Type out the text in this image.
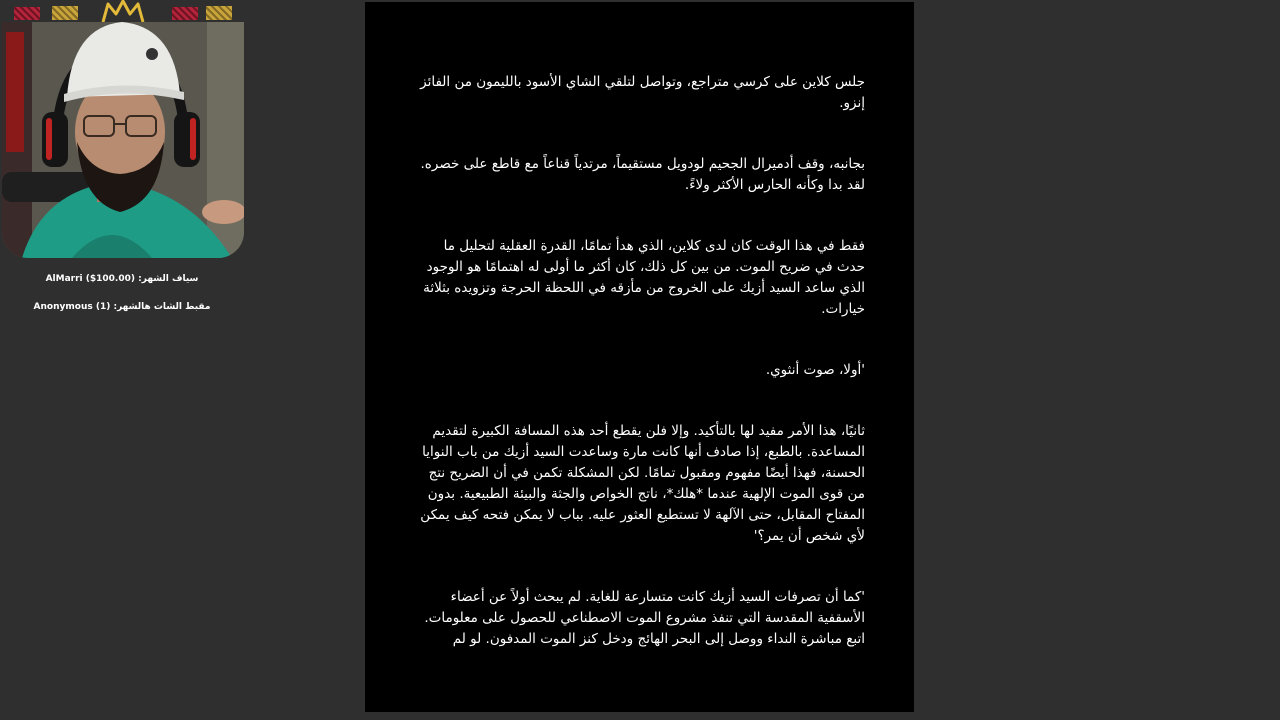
AlMarri ($100.00) :سياف الشهر

Anonymous (1) :مقبط الشات هالشهر

جلس كلاين على كرسي متراجع، وتواصل لتلقي الشاي الأسود بالليمون من الفائز إنزو.

بجانبه، وقف أدميرال الجحيم لودويل مستقيماً، مرتدياً قناعاً مع قاطع على خصره. لقد بدا وكأنه الحارس الأكثر ولاءً.

فقط في هذا الوقت كان لدى كلاين، الذي هدأ تمامًا، القدرة العقلية لتحليل ما حدث في ضريح الموت. من بين كل ذلك، كان أكثر ما أولى له اهتمامًا هو الوجود الذي ساعد السيد أزيك على الخروج من مأزقه في اللحظة الحرجة وتزويده بثلاثة خيارات.

'أولا، صوت أنثوي.

ثانيًا، هذا الأمر مفيد لها بالتأكيد. وإلا فلن يقطع أحد هذه المسافة الكبيرة لتقديم المساعدة. بالطبع، إذا صادف أنها كانت مارة وساعدت السيد أزيك من باب النوايا الحسنة، فهذا أيضًا مفهوم ومقبول تمامًا. لكن المشكلة تكمن في أن الضريح نتج من قوى الموت الإلهية عندما *هلك*، ناتج الخواص والجثة والبيئة الطبيعية. بدون المفتاح المقابل، حتى الآلهة لا تستطيع العثور عليه. بباب لا يمكن فتحه كيف يمكن لأي شخص أن يمر؟'

'كما أن تصرفات السيد أزيك كانت متسارعة للغاية. لم يبحث أولاً عن أعضاء الأسقفية المقدسة التي تنفذ مشروع الموت الاصطناعي للحصول على معلومات. اتبع مباشرة النداء ووصل إلى البحر الهائج ودخل كنز الموت المدفون. لو لم
